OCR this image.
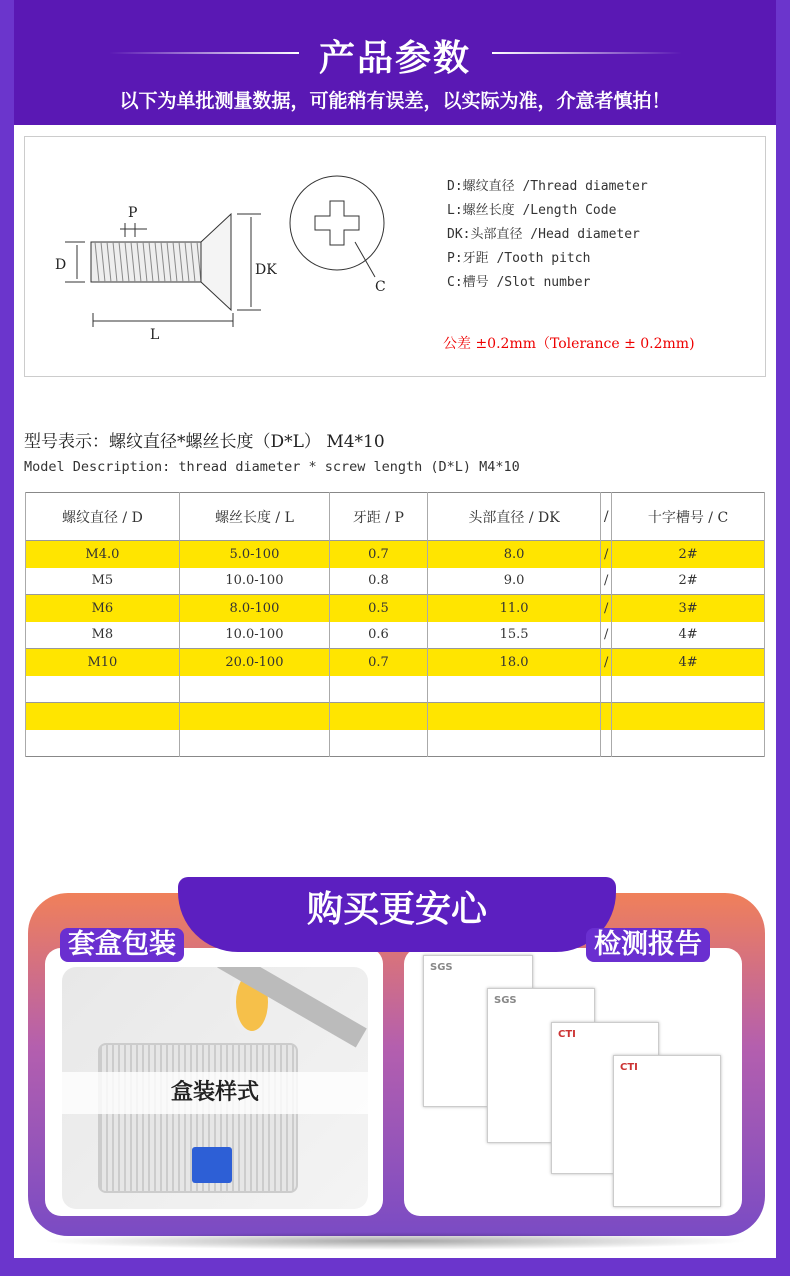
产品参数
以下为单批测量数据，可能稍有误差，以实际为准，介意者慎拍！
P
D	DK
L
C
D:螺纹直径 /Thread diameter
L:螺丝长度 /Length Code
DK:头部直径 /Head diameter
P:牙距 /Tooth pitch
C:槽号 /Slot number
公差 ±0.2mm（Tolerance ± 0.2mm)
型号表示：螺纹直径*螺丝长度（D*L） M4*10
Model Description: thread diameter * screw length (D*L) M4*10
螺纹直径 / D	螺丝长度 / L	牙距 / P	头部直径 / DK	/	十字槽号 / C
M4.0	5.0-100	0.7	8.0	/	2#
M5	10.0-100	0.8	9.0	/	2#
M6	8.0-100	0.5	11.0	/	3#
M8	10.0-100	0.6	15.5	/	4#
M10	20.0-100	0.7	18.0	/	4#

购买更安心
套盒包装	检测报告
盒装样式
SGS
SGS
CTI
CTI
